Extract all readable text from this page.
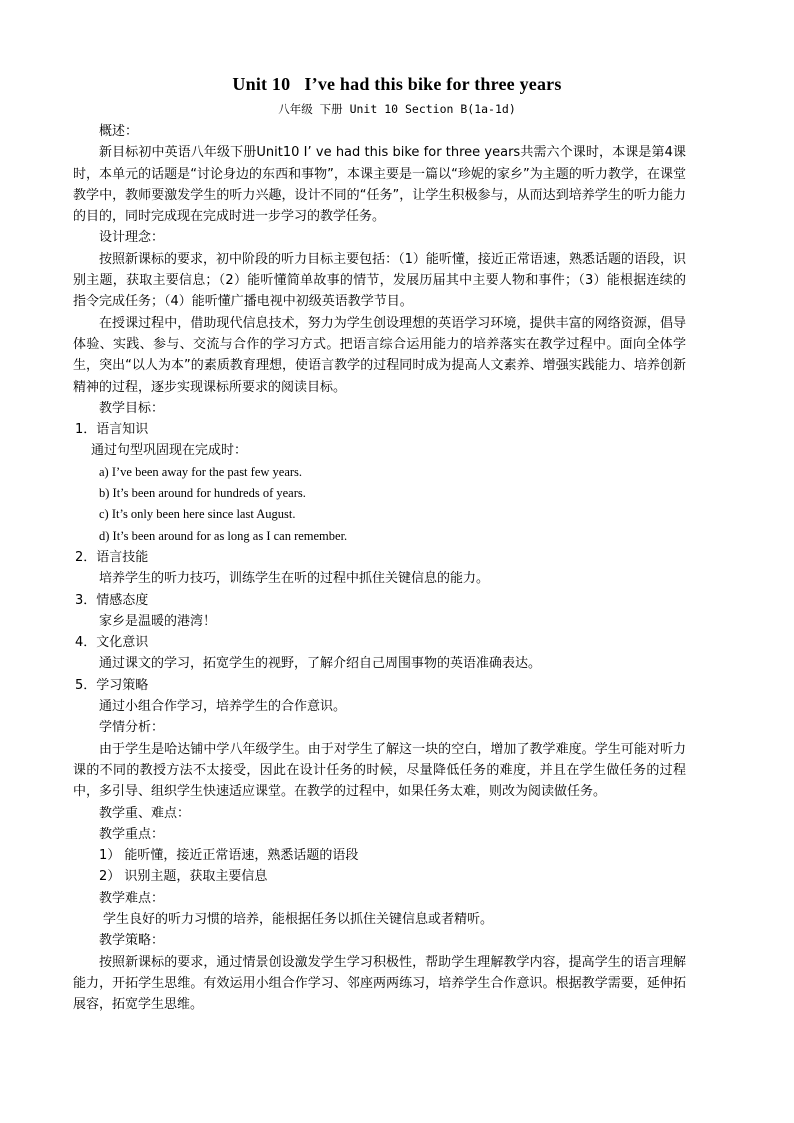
Unit 10   I’ve had this bike for three years
八年级 下册 Unit 10 Section B(1a-1d)

概述：

新目标初中英语八年级下册Unit10 I’ ve had this bike for three years共需六个课时，本课是第4课时，本单元的话题是“讨论身边的东西和事物”，本课主要是一篇以“珍妮的家乡”为主题的听力教学，在课堂教学中，教师要激发学生的听力兴趣，设计不同的“任务”，让学生积极参与，从而达到培养学生的听力能力的目的，同时完成现在完成时进一步学习的教学任务。

设计理念：

按照新课标的要求，初中阶段的听力目标主要包括：（1）能听懂，接近正常语速，熟悉话题的语段，识别主题，获取主要信息；（2）能听懂简单故事的情节，发展历届其中主要人物和事件；（3）能根据连续的指令完成任务；（4）能听懂广播电视中初级英语教学节目。

在授课过程中，借助现代信息技术，努力为学生创设理想的英语学习环境，提供丰富的网络资源，倡导体验、实践、参与、交流与合作的学习方式。把语言综合运用能力的培养落实在教学过程中。面向全体学生，突出“以人为本”的素质教育理想，使语言教学的过程同时成为提高人文素养、增强实践能力、培养创新精神的过程，逐步实现课标所要求的阅读目标。

教学目标：

1．语言知识

通过句型巩固现在完成时：

a) I’ve been away for the past few years.

b) It’s been around for hundreds of years.

c) It’s only been here since last August.

d) It’s been around for as long as I can remember.

2．语言技能

培养学生的听力技巧，训练学生在听的过程中抓住关键信息的能力。

3．情感态度

家乡是温暖的港湾！

4．文化意识

通过课文的学习，拓宽学生的视野，了解介绍自己周围事物的英语准确表达。

5．学习策略

通过小组合作学习，培养学生的合作意识。

学情分析：

由于学生是哈达铺中学八年级学生。由于对学生了解这一块的空白，增加了教学难度。学生可能对听力课的不同的教授方法不太接受，因此在设计任务的时候，尽量降低任务的难度，并且在学生做任务的过程中，多引导、组织学生快速适应课堂。在教学的过程中，如果任务太难，则改为阅读做任务。

教学重、难点：

教学重点：

1） 能听懂，接近正常语速，熟悉话题的语段

2） 识别主题，获取主要信息

教学难点：

学生良好的听力习惯的培养，能根据任务以抓住关键信息或者精听。

教学策略：

按照新课标的要求，通过情景创设激发学生学习积极性，帮助学生理解教学内容，提高学生的语言理解能力，开拓学生思维。有效运用小组合作学习、邻座两两练习，培养学生合作意识。根据教学需要，延伸拓展容，拓宽学生思维。
